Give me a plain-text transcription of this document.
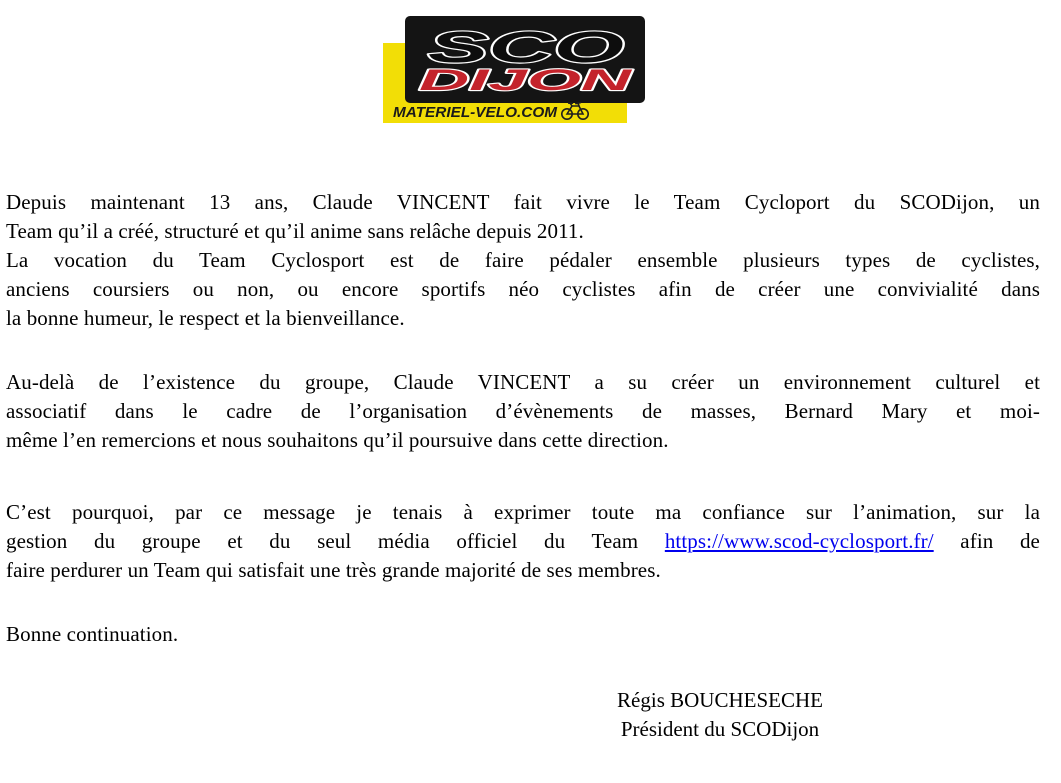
SCO
DIJON
MATERIEL-VELO.COM
Depuis maintenant 13 ans, Claude VINCENT fait vivre le Team Cycloport du SCODijon, un
Team qu’il a créé, structuré et qu’il anime sans relâche depuis 2011.
La vocation du Team Cyclosport est de faire pédaler ensemble plusieurs types de cyclistes,
anciens coursiers ou non, ou encore sportifs néo cyclistes afin de créer une convivialité dans
la bonne humeur, le respect et la bienveillance.
Au-delà de l’existence du groupe, Claude VINCENT a su créer un environnement culturel et
associatif dans le cadre de l’organisation d’évènements de masses, Bernard Mary et moi-
même l’en remercions et nous souhaitons qu’il poursuive dans cette direction.
C’est pourquoi, par ce message je tenais à exprimer toute ma confiance sur l’animation, sur la
gestion du groupe et du seul média officiel du Team https://www.scod-cyclosport.fr/ afin de
faire perdurer un Team qui satisfait une très grande majorité de ses membres.
Bonne continuation.
Régis BOUCHESECHE
Président du SCODijon
